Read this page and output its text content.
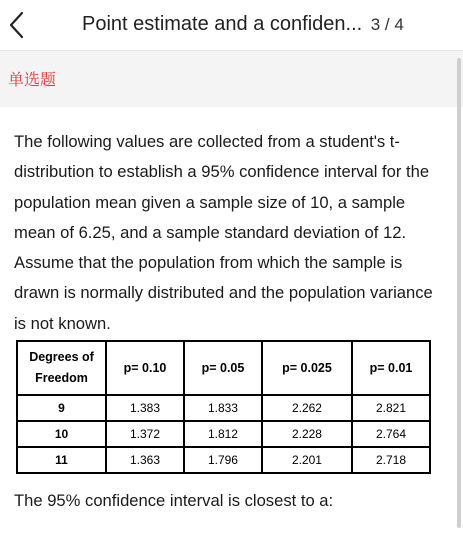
Point estimate and a confiden... 3 / 4
单选题
The following values are collected from a student's t-distribution to establish a 95% confidence interval for the population mean given a sample size of 10, a sample mean of 6.25, and a sample standard deviation of 12. Assume that the population from which the sample is drawn is normally distributed and the population variance is not known.
Degrees of Freedom	p= 0.10	p= 0.05	p= 0.025	p= 0.01
9	1.383	1.833	2.262	2.821
10	1.372	1.812	2.228	2.764
11	1.363	1.796	2.201	2.718
The 95% confidence interval is closest to a:
